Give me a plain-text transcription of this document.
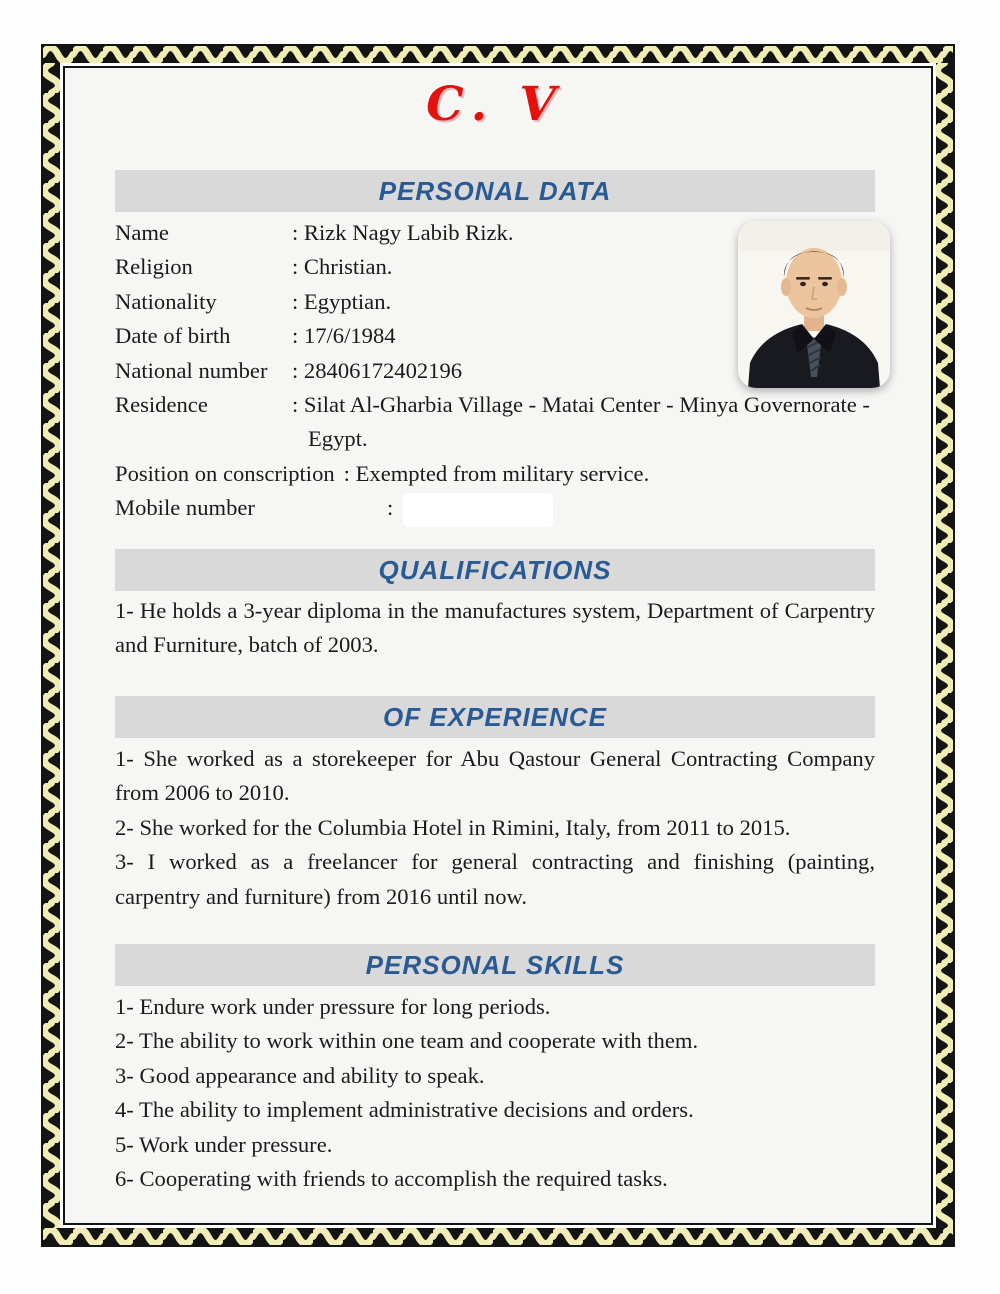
C. V
PERSONAL DATA
Name	: Rizk Nagy Labib Rizk.
Religion	: Christian.
Nationality	: Egyptian.
Date of birth	: 17/6/1984
National number	: 28406172402196
Residence	: Silat Al-Gharbia Village - Matai Center - Minya Governorate - Egypt.
Position on conscription : Exempted from military service.
Mobile number	:
QUALIFICATIONS

1- He holds a 3-year diploma in the manufactures system, Department of Carpentry and Furniture, batch of 2003.

OF EXPERIENCE

1- She worked as a storekeeper for Abu Qastour General Contracting Company from 2006 to 2010.

2- She worked for the Columbia Hotel in Rimini, Italy, from 2011 to 2015.

3- I worked as a freelancer for general contracting and finishing (painting, carpentry and furniture) from 2016 until now.

PERSONAL SKILLS
1- Endure work under pressure for long periods.
2- The ability to work within one team and cooperate with them.
3- Good appearance and ability to speak.
4- The ability to implement administrative decisions and orders.
5- Work under pressure.
6- Cooperating with friends to accomplish the required tasks.
